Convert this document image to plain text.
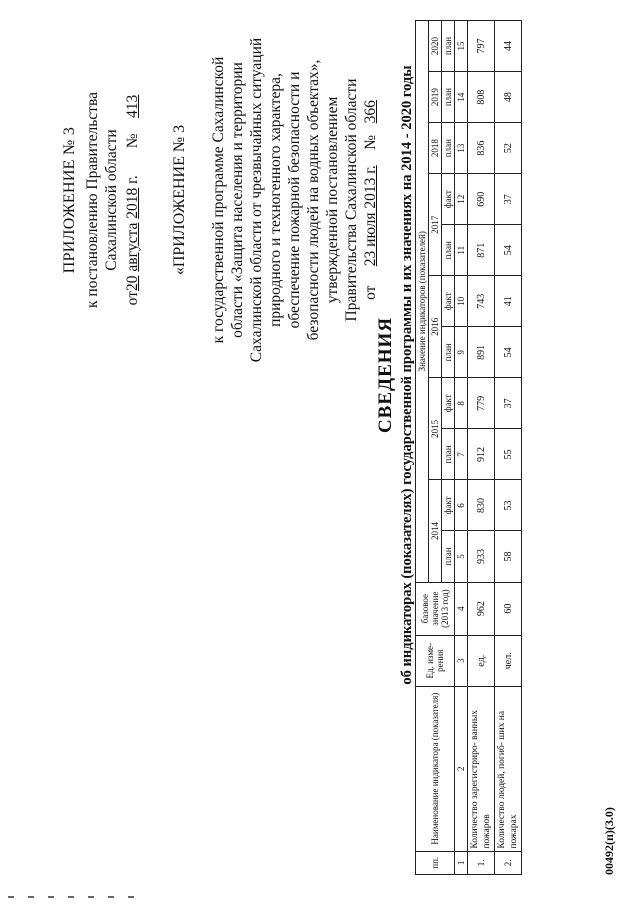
ПРИЛОЖЕНИЕ № 3 к постановлению Правительства Сахалинской области
от20 августа 2018 г.       №    413
«ПРИЛОЖЕНИЕ № 3 к государственной программе Сахалинской области «Защита населения и территории Сахалинской области от чрезвычайных ситуаций природного и техногенного характера, обеспечение пожарной безопасности и безопасности людей на водных объектах», утвержденной постановлением Правительства Сахалинской области от     23 июля 2013 г.    №   366
СВЕДЕНИЯ об индикаторах (показателях) государственной программы и их значениях на 2014 - 2020 годы
пп.	Наименование индикатора (показателя)	Ед. изме- рения	базовое значение (2013 год)	Значение индикаторов (показателей)										
				2014		2015		2016		2017		2018	2019	2020
				план	факт	план	факт	план	факт	план	факт	план	план	план
1	2	3	4	5	6	7	8	9	10	11	12	13	14	15
1.	Количество зарегистриро- ванных пожаров	ед.	962	933	830	912	779	891	743	871	690	836	808	797
2.	Количество людей, погиб- ших на пожарах	чел.	60	58	53	55	37	54	41	54	37	52	48	44
00492(п)(3.0)
